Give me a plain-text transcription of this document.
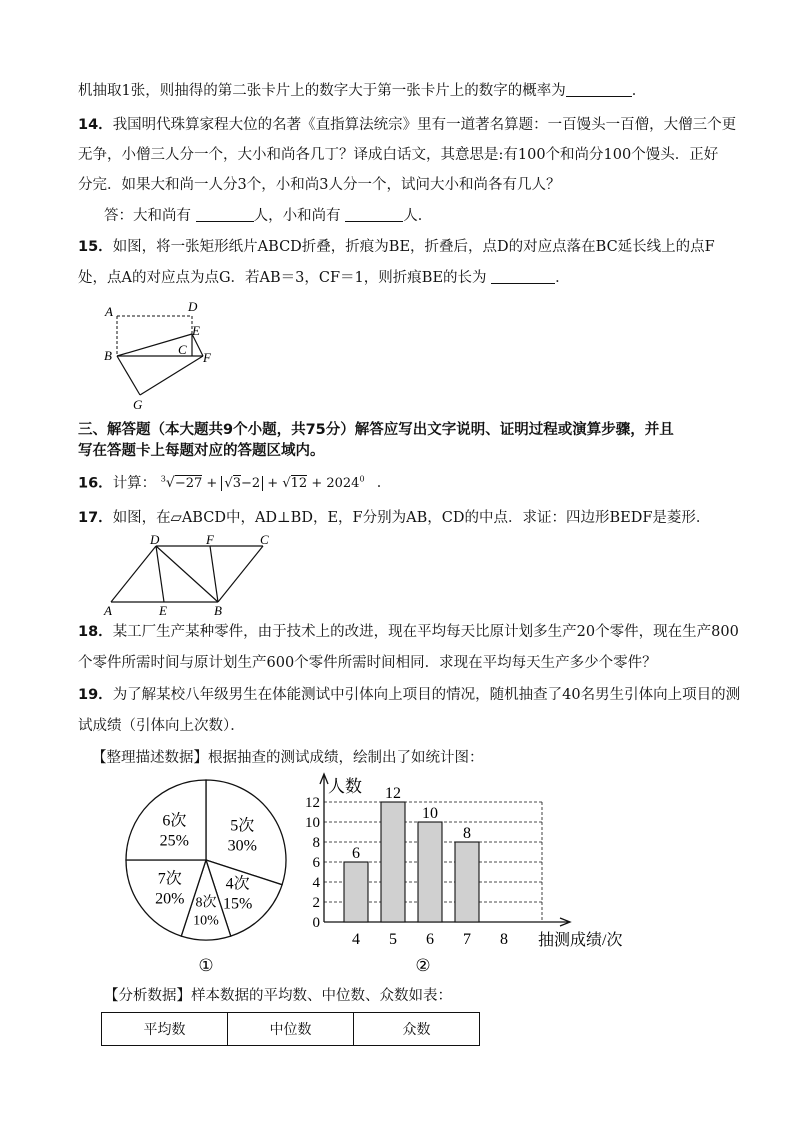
机抽取1张，则抽得的第二张卡片上的数字大于第一张卡片上的数字的概率为	．
14．我国明代珠算家程大位的名著《直指算法统宗》里有一道著名算题：一百馒头一百僧，大僧三个更
无争，小僧三人分一个，大小和尚各几丁？译成白话文，其意思是:有100个和尚分100个馒头．正好
分完．如果大和尚一人分3个，小和尚3人分一个，试问大小和尚各有几人？
答：大和尚有	人，小和尚有	人．
15．如图，将一张矩形纸片ABCD折叠，折痕为BE，折叠后，点D的对应点落在BC延长线上的点F
处，点A的对应点为点G．若AB＝3，CF＝1，则折痕BE的长为	．
A	D
E
B	C
F
G
三、解答题（本大题共9个小题，共75分）解答应写出文字说明、证明过程或演算步骤，并且
写在答题卡上每题对应的答题区域内。
16．计算： $^3√-27 + √3-2 + √12 + 2024^0$ ．
17．如图，在▱ABCD中，AD⊥BD，E，F分别为AB，CD的中点．求证：四边形BEDF是菱形．
D	F	C
A	E	B
18．某工厂生产某种零件，由于技术上的改进，现在平均每天比原计划多生产20个零件，现在生产800
个零件所需时间与原计划生产600个零件所需时间相同．求现在平均每天生产多少个零件？
19．为了解某校八年级男生在体能测试中引体向上项目的情况，随机抽查了40名男生引体向上项目的测
试成绩（引体向上次数）．
【整理描述数据】根据抽查的测试成绩，绘制出了如统计图：
5次
30%
4次
15%
8次
10%
7次
20%
6次
25%
①
人数
0
2
4
6
8
10
12
6
4
12
5
10
6
8
7 8 抽测成绩/次
②
【分析数据】样本数据的平均数、中位数、众数如表：
平均数	中位数	众数
